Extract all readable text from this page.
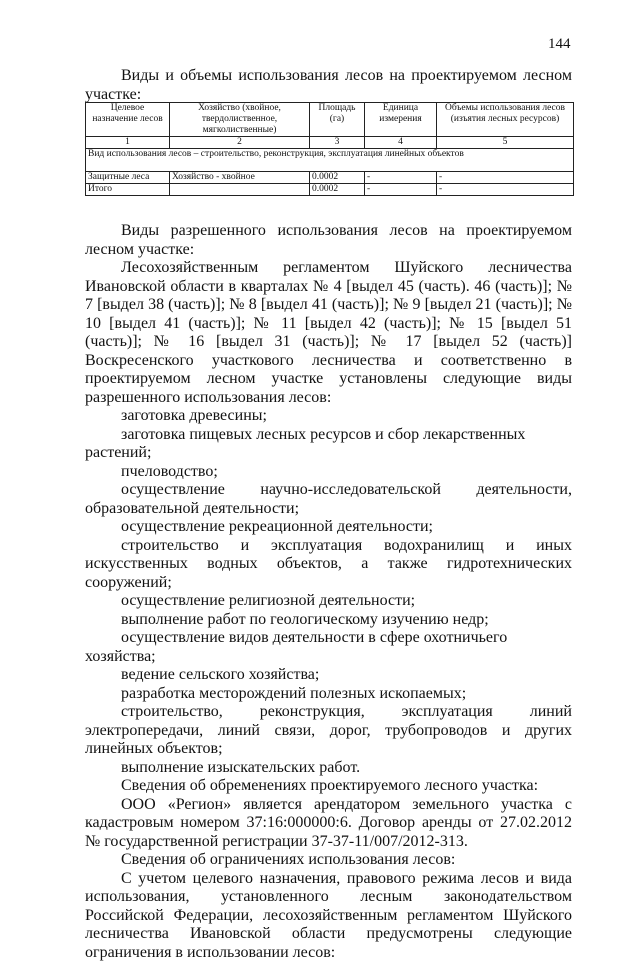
144
Виды и объемы использования лесов на проектируемом лесном участке:
Целевое назначение лесов	Хозяйство (хвойное, твердолиственное, мягколиственные)	Площадь (га)	Единица измерения	Объемы использования лесов (изъятия лесных ресурсов)
1	2	3	4	5
Вид использования лесов – строительство, реконструкция, эксплуатация линейных объектов				
Защитные леса	Хозяйство - хвойное	0.0002	-	-
Итого		0.0002	-	-

Виды разрешенного использования лесов на проектируемом лесном участке:

Лесохозяйственным регламентом Шуйского лесничества Ивановской области в кварталах № 4 [выдел 45 (часть). 46 (часть)]; № 7 [выдел 38 (часть)]; № 8 [выдел 41 (часть)]; № 9 [выдел 21 (часть)]; № 10 [выдел 41 (часть)]; № 11 [выдел 42 (часть)]; № 15 [выдел 51 (часть)]; № 16 [выдел 31 (часть)]; № 17 [выдел 52 (часть)] Воскресенского участкового лесничества и соответственно в проектируемом лесном участке установлены следующие виды разрешенного использования лесов:

заготовка древесины;

заготовка пищевых лесных ресурсов и сбор лекарственных растений;

пчеловодство;

осуществление научно-исследовательской деятельности, образовательной деятельности;

осуществление рекреационной деятельности;

строительство и эксплуатация водохранилищ и иных искусственных водных объектов, а также гидротехнических сооружений;

осуществление религиозной деятельности;

выполнение работ по геологическому изучению недр;

осуществление видов деятельности в сфере охотничьего хозяйства;

ведение сельского хозяйства;

разработка месторождений полезных ископаемых;

строительство, реконструкция, эксплуатация линий электропередачи, линий связи, дорог, трубопроводов и других линейных объектов;

выполнение изыскательских работ.

Сведения об обременениях проектируемого лесного участка:

ООО «Регион» является арендатором земельного участка с кадастровым номером 37:16:000000:6. Договор аренды от 27.02.2012 № государственной регистрации 37-37-11/007/2012-313.

Сведения об ограничениях использования лесов:

С учетом целевого назначения, правового режима лесов и вида использования, установленного лесным законодательством Российской Федерации, лесохозяйственным регламентом Шуйского лесничества Ивановской области предусмотрены следующие ограничения в использовании лесов:
